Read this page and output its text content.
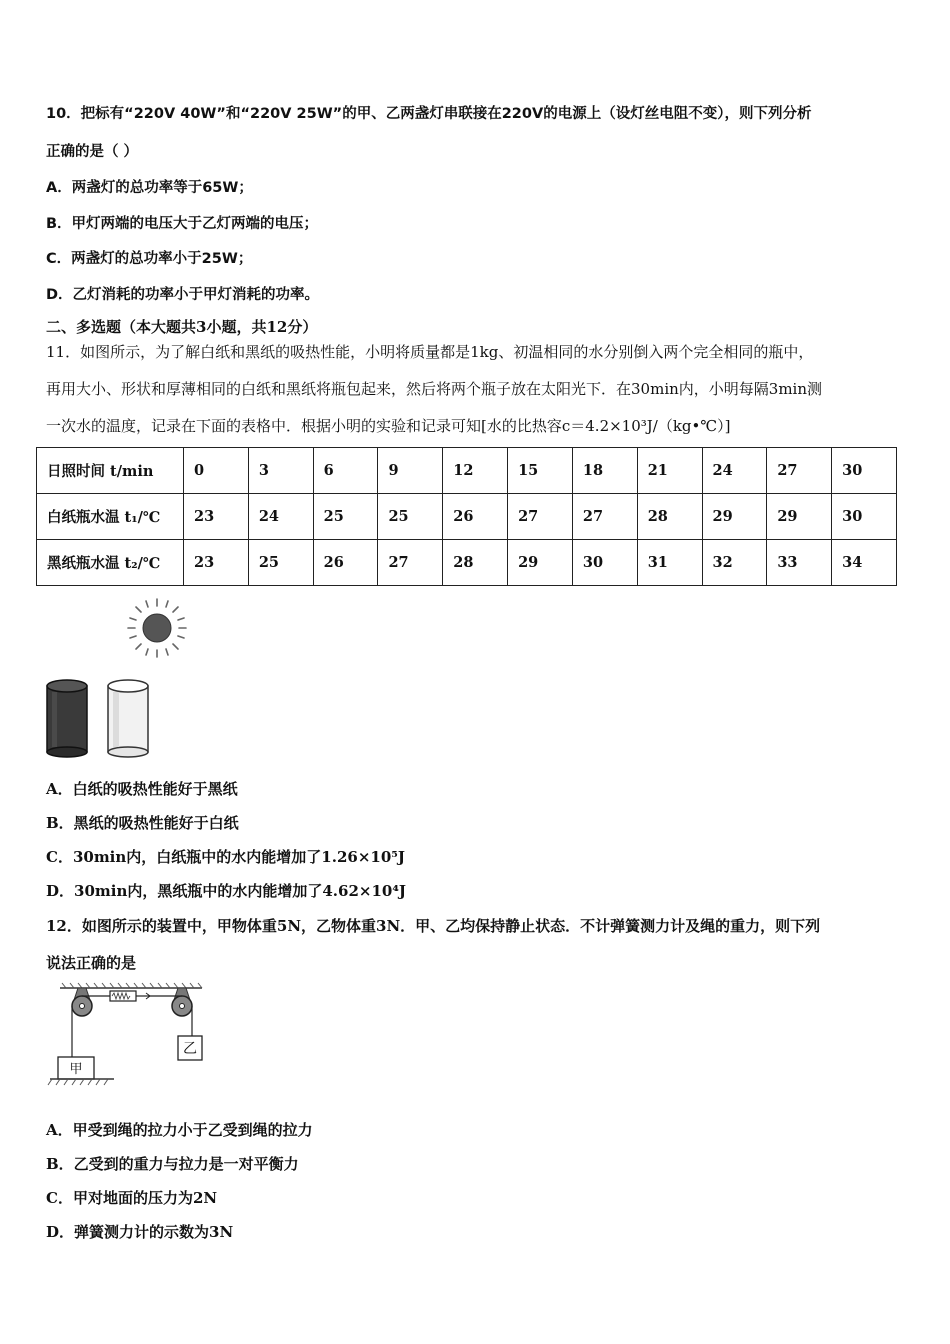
10．把标有“220V 40W”和“220V 25W”的甲、乙两盏灯串联接在220V的电源上（设灯丝电阻不变），则下列分析
正确的是（ ）
A．两盏灯的总功率等于65W；
B．甲灯两端的电压大于乙灯两端的电压；
C．两盏灯的总功率小于25W；
D．乙灯消耗的功率小于甲灯消耗的功率。
二、多选题（本大题共3小题，共12分）
11．如图所示，为了解白纸和黑纸的吸热性能，小明将质量都是1kg、初温相同的水分别倒入两个完全相同的瓶中，
再用大小、形状和厚薄相同的白纸和黑纸将瓶包起来，然后将两个瓶子放在太阳光下．在30min内，小明每隔3min测
一次水的温度，记录在下面的表格中．根据小明的实验和记录可知[水的比热容c＝4.2×10³J/（kg•℃）]
日照时间 t/min	0	3	6	9	12	15	18	21	24	27	30
白纸瓶水温 t₁/℃	23	24	25	25	26	27	27	28	29	29	30
黑纸瓶水温 t₂/℃	23	25	26	27	28	29	30	31	32	33	34
A．白纸的吸热性能好于黑纸
B．黑纸的吸热性能好于白纸
C．30min内，白纸瓶中的水内能增加了1.26×10⁵J
D．30min内，黑纸瓶中的水内能增加了4.62×10⁴J
12．如图所示的装置中，甲物体重5N，乙物体重3N．甲、乙均保持静止状态．不计弹簧测力计及绳的重力，则下列
说法正确的是
乙
甲
A．甲受到绳的拉力小于乙受到绳的拉力
B．乙受到的重力与拉力是一对平衡力
C．甲对地面的压力为2N
D．弹簧测力计的示数为3N
